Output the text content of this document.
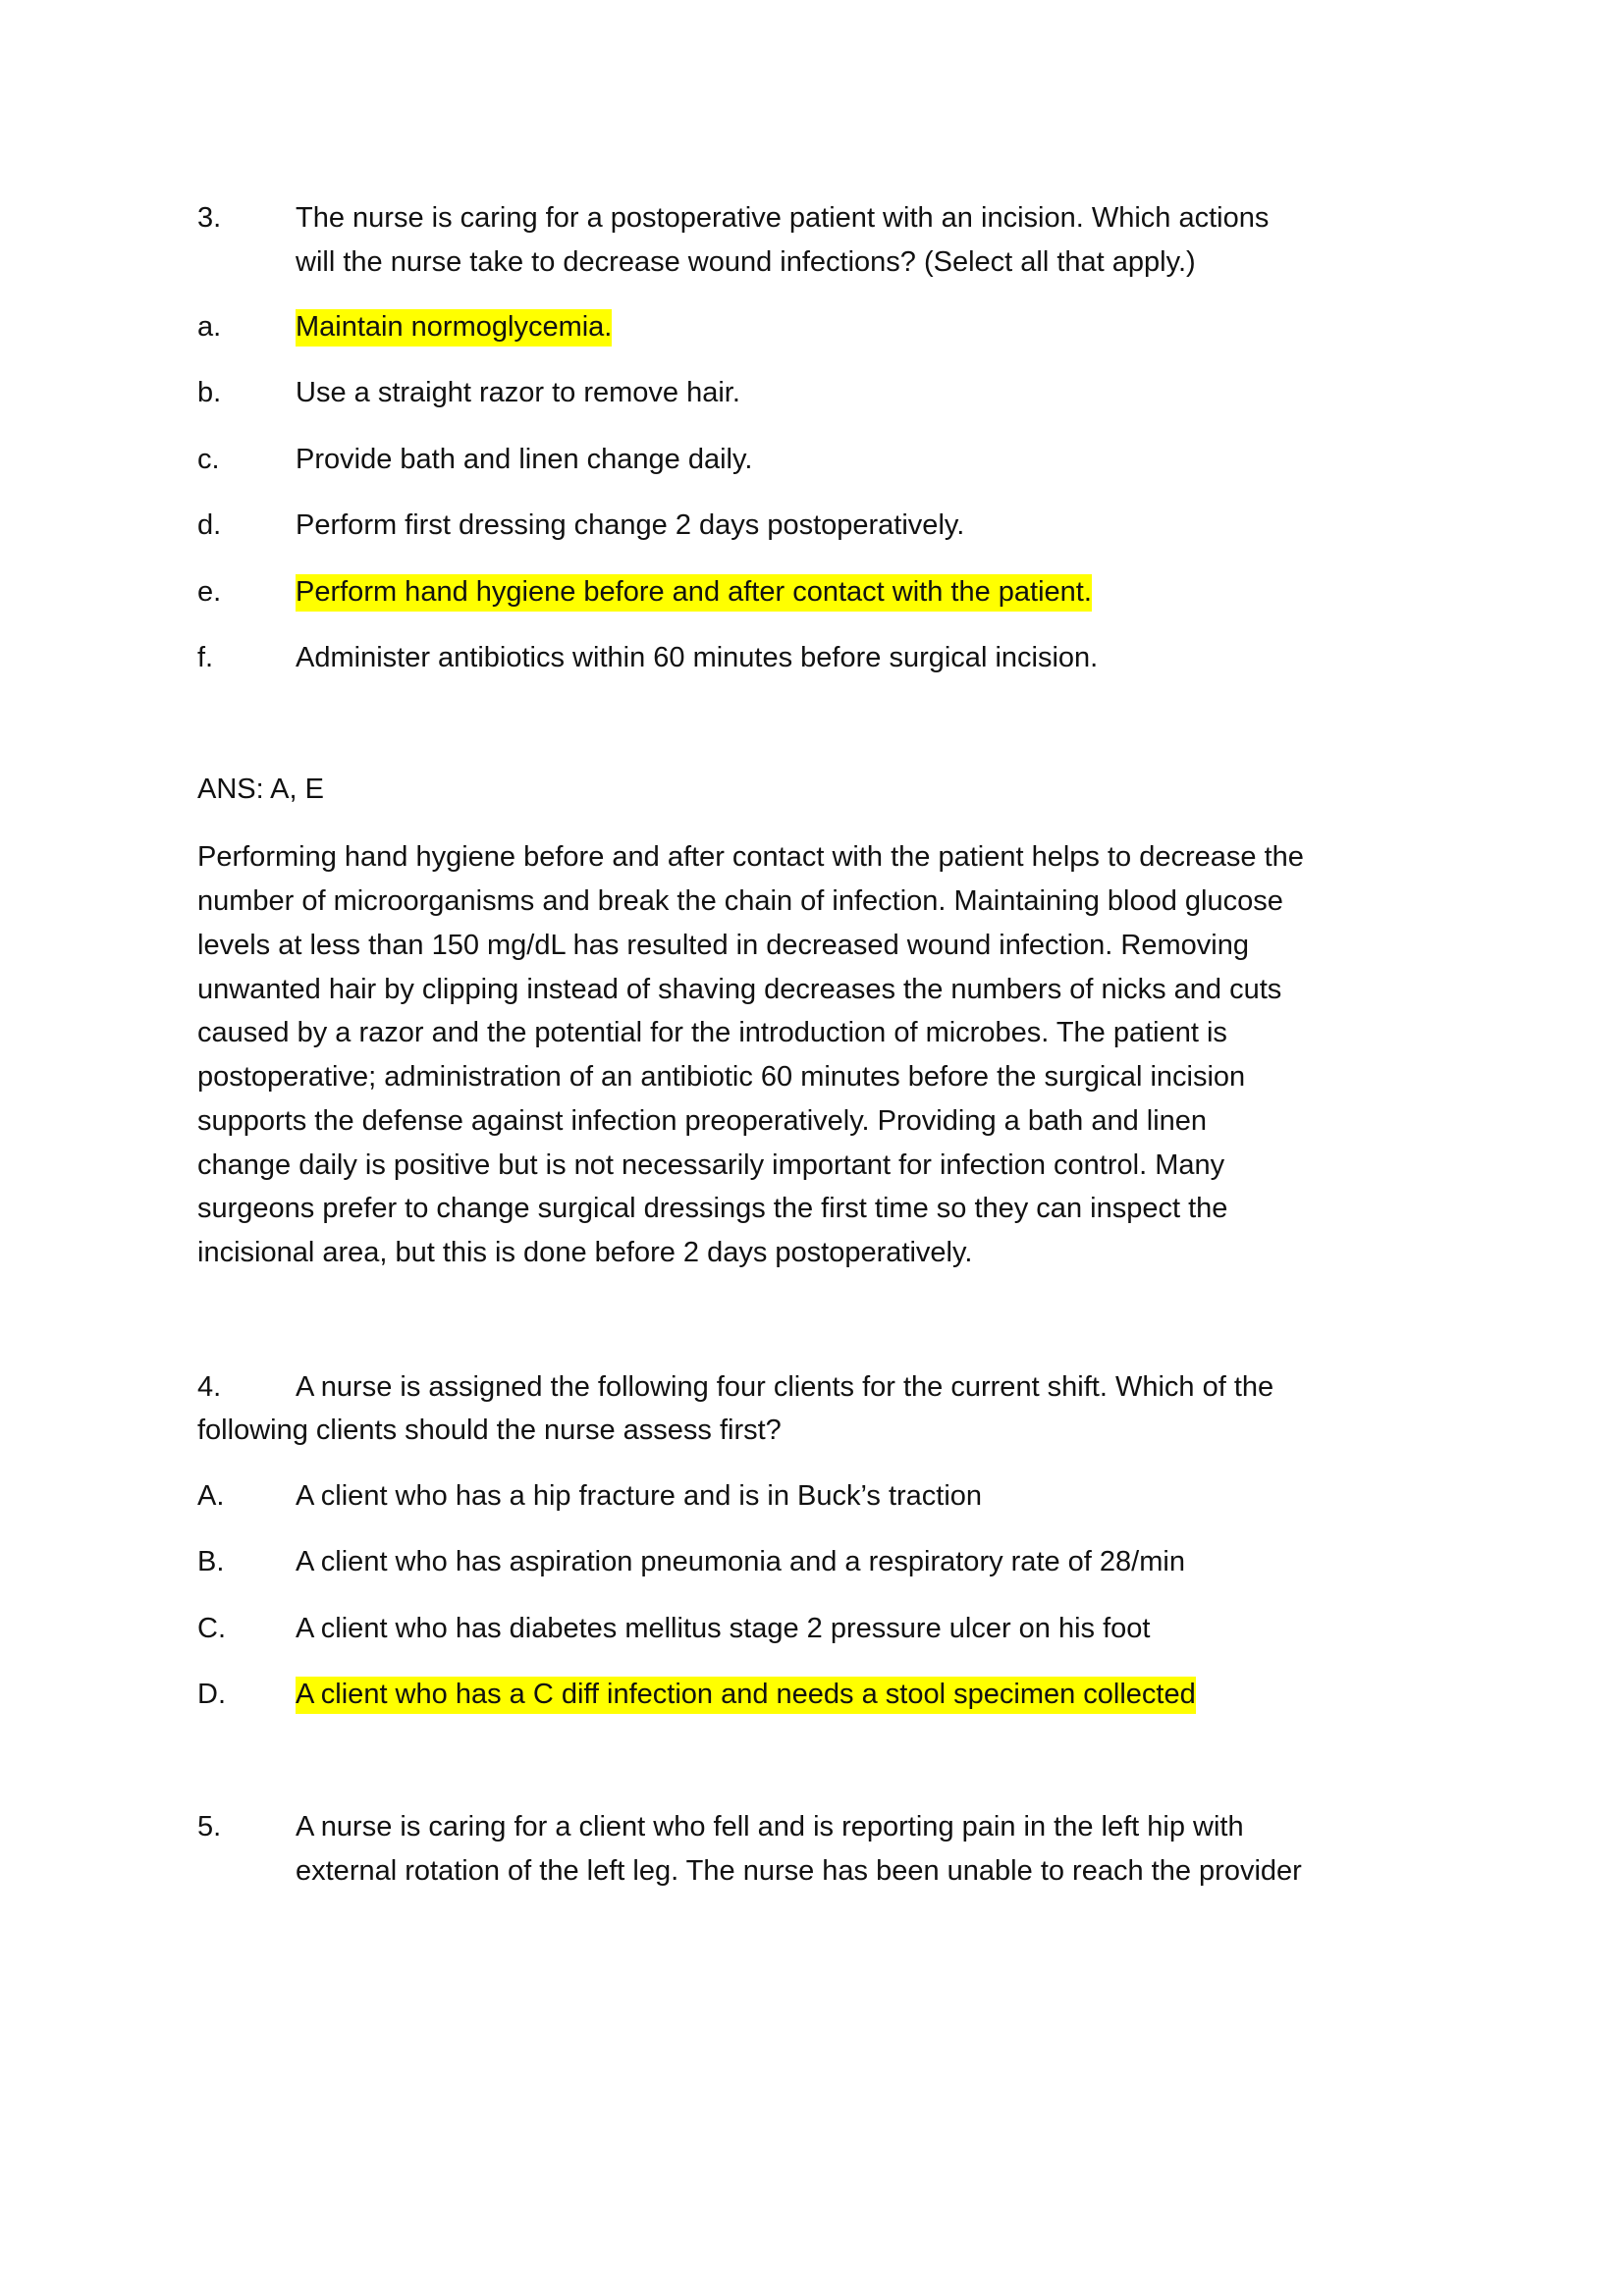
3.	The nurse is caring for a postoperative patient with an incision. Which actions
will the nurse take to decrease wound infections? (Select all that apply.)
a.	Maintain normoglycemia.
b.	Use a straight razor to remove hair.
c.	Provide bath and linen change daily.
d.	Perform first dressing change 2 days postoperatively.
e.	Perform hand hygiene before and after contact with the patient.
f.	Administer antibiotics within 60 minutes before surgical incision.
ANS: A, E
Performing hand hygiene before and after contact with the patient helps to decrease the
number of microorganisms and break the chain of infection. Maintaining blood glucose
levels at less than 150 mg/dL has resulted in decreased wound infection. Removing
unwanted hair by clipping instead of shaving decreases the numbers of nicks and cuts
caused by a razor and the potential for the introduction of microbes. The patient is
postoperative; administration of an antibiotic 60 minutes before the surgical incision
supports the defense against infection preoperatively. Providing a bath and linen
change daily is positive but is not necessarily important for infection control. Many
surgeons prefer to change surgical dressings the first time so they can inspect the
incisional area, but this is done before 2 days postoperatively.
4.	A nurse is assigned the following four clients for the current shift. Which of the
following clients should the nurse assess first?
A.	A client who has a hip fracture and is in Buck’s traction
B.	A client who has aspiration pneumonia and a respiratory rate of 28/min
C. A client who has diabetes mellitus stage 2 pressure ulcer on his foot
D. A client who has a C diff infection and needs a stool specimen collected
5.	A nurse is caring for a client who fell and is reporting pain in the left hip with
external rotation of the left leg. The nurse has been unable to reach the provider
